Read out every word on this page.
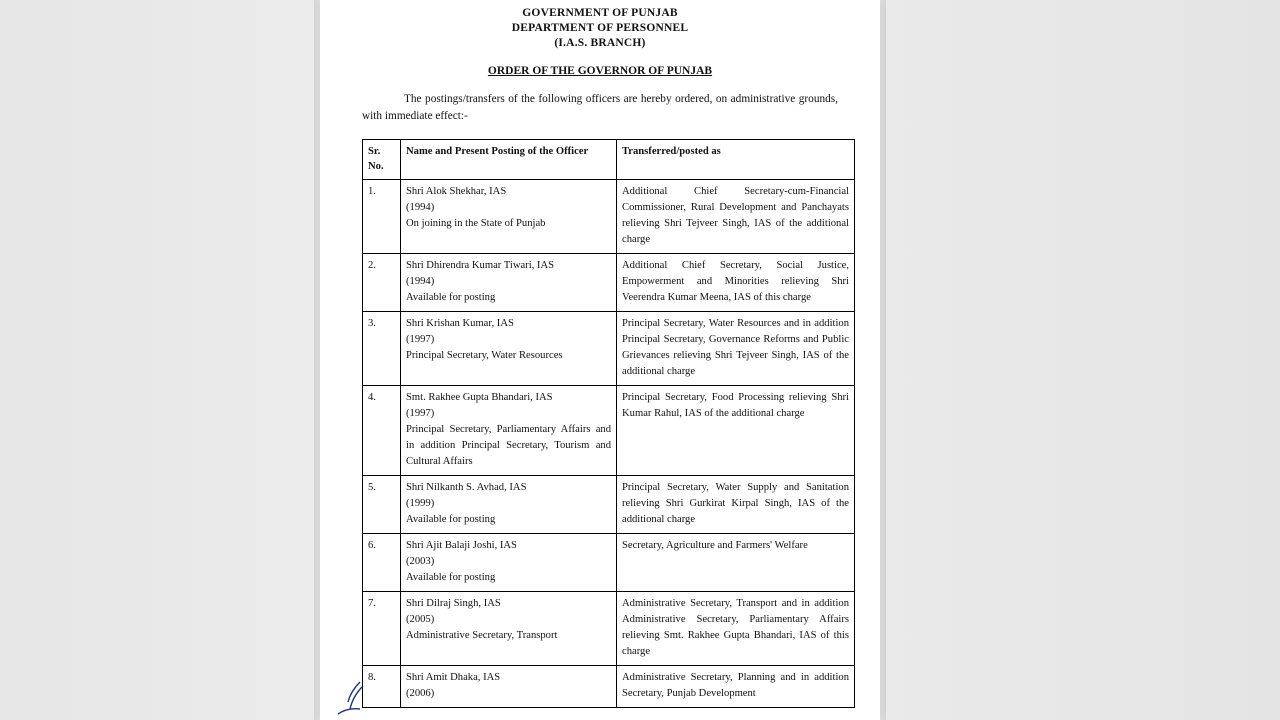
GOVERNMENT OF PUNJAB
DEPARTMENT OF PERSONNEL
(I.A.S. BRANCH)
ORDER OF THE GOVERNOR OF PUNJAB
The postings/transfers of the following officers are hereby ordered, on administrative grounds, with immediate effect:-
Sr. No.	Name and Present Posting of the Officer	Transferred/posted as
1.	Shri Alok Shekhar, IAS
(1994)
On joining in the State of Punjab	Additional Chief Secretary-cum-Financial Commissioner, Rural Development and Panchayats relieving Shri Tejveer Singh, IAS of the additional charge
2.	Shri Dhirendra Kumar Tiwari, IAS
(1994)
Available for posting	Additional Chief Secretary, Social Justice, Empowerment and Minorities relieving Shri Veerendra Kumar Meena, IAS of this charge
3.	Shri Krishan Kumar, IAS
(1997)
Principal Secretary, Water Resources	Principal Secretary, Water Resources and in addition Principal Secretary, Governance Reforms and Public Grievances relieving Shri Tejveer Singh, IAS of the additional charge
4.	Smt. Rakhee Gupta Bhandari, IAS
(1997)
Principal Secretary, Parliamentary Affairs and in addition Principal Secretary, Tourism and Cultural Affairs	Principal Secretary, Food Processing relieving Shri Kumar Rahul, IAS of the additional charge
5.	Shri Nilkanth S. Avhad, IAS
(1999)
Available for posting	Principal Secretary, Water Supply and Sanitation relieving Shri Gurkirat Kirpal Singh, IAS of the additional charge
6.	Shri Ajit Balaji Joshi, IAS
(2003)
Available for posting	Secretary, Agriculture and Farmers' Welfare
7.	Shri Dilraj Singh, IAS
(2005)
Administrative Secretary, Transport	Administrative Secretary, Transport and in addition Administrative Secretary, Parliamentary Affairs relieving Smt. Rakhee Gupta Bhandari, IAS of this charge
8.	Shri Amit Dhaka, IAS
(2006)	Administrative Secretary, Planning and in addition Secretary, Punjab Development
